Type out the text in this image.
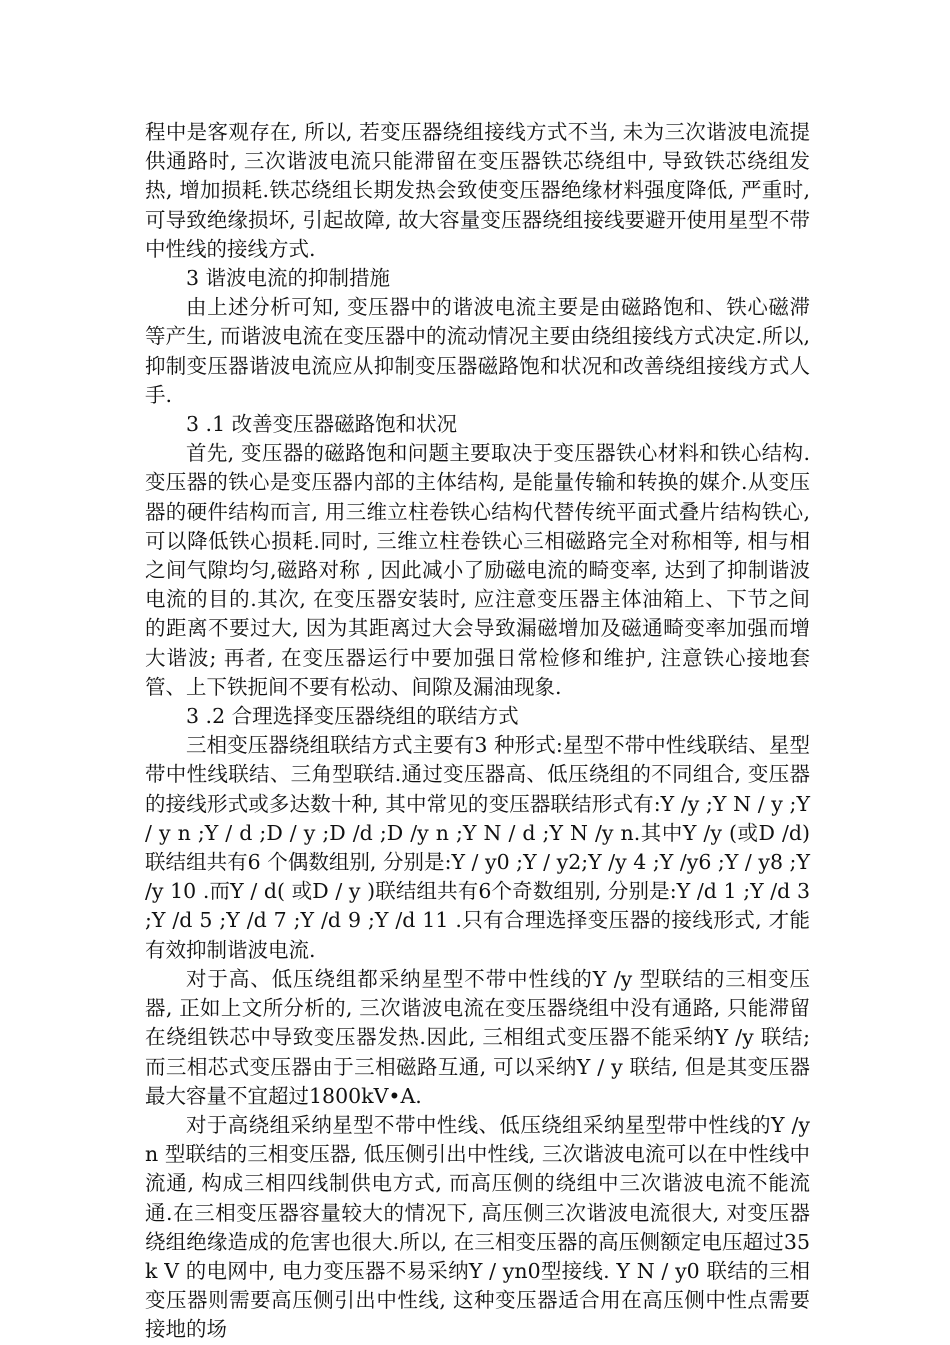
程中是客观存在, 所以, 若变压器绕组接线方式不当, 未为三次谐波电流提供通路时, 三次谐波电流只能滞留在变压器铁芯绕组中, 导致铁芯绕组发热, 增加损耗.铁芯绕组长期发热会致使变压器绝缘材料强度降低, 严重时, 可导致绝缘损坏, 引起故障, 故大容量变压器绕组接线要避开使用星型不带中性线的接线方式.

3 谐波电流的抑制措施

由上述分析可知, 变压器中的谐波电流主要是由磁路饱和、铁心磁滞等产生, 而谐波电流在变压器中的流动情况主要由绕组接线方式决定.所以, 抑制变压器谐波电流应从抑制变压器磁路饱和状况和改善绕组接线方式人手.

3 .1 改善变压器磁路饱和状况

首先, 变压器的磁路饱和问题主要取决于变压器铁心材料和铁心结构.变压器的铁心是变压器内部的主体结构, 是能量传输和转换的媒介.从变压器的硬件结构而言, 用三维立柱卷铁心结构代替传统平面式叠片结构铁心, 可以降低铁心损耗.同时, 三维立柱卷铁心三相磁路完全对称相等, 相与相之间气隙均匀,磁路对称 , 因此减小了励磁电流的畸变率, 达到了抑制谐波电流的目的.其次, 在变压器安装时, 应注意变压器主体油箱上、下节之间的距离不要过大, 因为其距离过大会导致漏磁增加及磁通畸变率加强而增大谐波; 再者, 在变压器运行中要加强日常检修和维护, 注意铁心接地套管、上下铁扼间不要有松动、间隙及漏油现象.

3 .2 合理选择变压器绕组的联结方式

三相变压器绕组联结方式主要有3 种形式:星型不带中性线联结、星型带中性线联结、三角型联结.通过变压器高、低压绕组的不同组合, 变压器的接线形式或多达数十种, 其中常见的变压器联结形式有:Y /y ;Y N / y ;Y / y n ;Y / d ;D / y ;D /d ;D /y n ;Y N / d ;Y N /y n.其中Y /y (或D /d) 联结组共有6 个偶数组别, 分别是:Y / y0 ;Y / y2;Y /y 4 ;Y /y6 ;Y / y8 ;Y /y 10 .而Y / d( 或D / y )联结组共有6个奇数组别, 分别是:Y /d 1 ;Y /d 3 ;Y /d 5 ;Y /d 7 ;Y /d 9 ;Y /d 11 .只有合理选择变压器的接线形式, 才能有效抑制谐波电流.

对于高、低压绕组都采纳星型不带中性线的Y /y 型联结的三相变压器, 正如上文所分析的, 三次谐波电流在变压器绕组中没有通路, 只能滞留在绕组铁芯中导致变压器发热.因此, 三相组式变压器不能采纳Y /y 联结;而三相芯式变压器由于三相磁路互通, 可以采纳Y / y 联结, 但是其变压器最大容量不宜超过1800kV•A.

对于高绕组采纳星型不带中性线、低压绕组采纳星型带中性线的Y /y n 型联结的三相变压器, 低压侧引出中性线, 三次谐波电流可以在中性线中流通, 构成三相四线制供电方式, 而高压侧的绕组中三次谐波电流不能流通.在三相变压器容量较大的情况下, 高压侧三次谐波电流很大, 对变压器绕组绝缘造成的危害也很大.所以, 在三相变压器的高压侧额定电压超过35 k V 的电网中, 电力变压器不易采纳Y / yn0型接线. Y N / y0 联结的三相变压器则需要高压侧引出中性线, 这种变压器适合用在高压侧中性点需要接地的场
